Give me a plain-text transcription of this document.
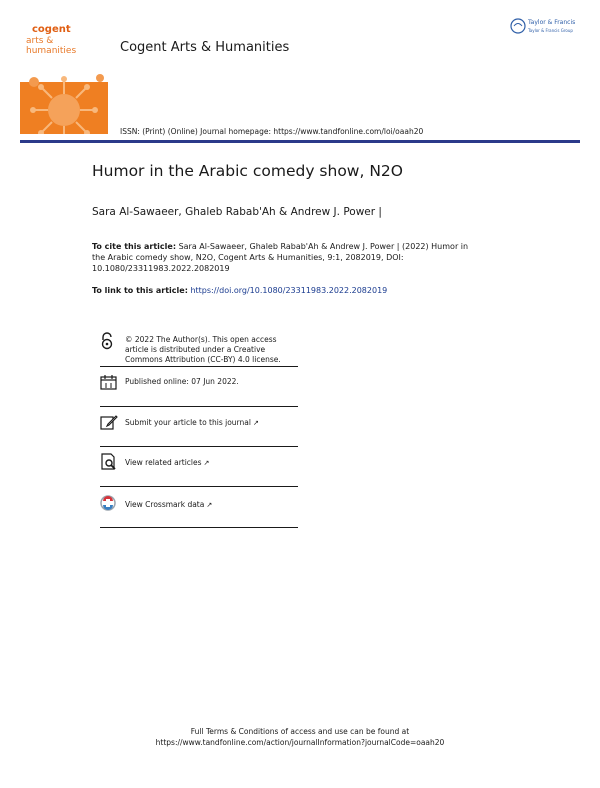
cogent
arts &
humanities	Cogent Arts & Humanities
Taylor & Francis
Taylor & Francis Group
ISSN: (Print) (Online) Journal homepage: https://www.tandfonline.com/loi/oaah20
Humor in the Arabic comedy show, N2O
Sara Al-Sawaeer, Ghaleb Rabab'Ah & Andrew J. Power |
To cite this article: Sara Al-Sawaeer, Ghaleb Rabab'Ah & Andrew J. Power | (2022) Humor in the Arabic comedy show, N2O, Cogent Arts & Humanities, 9:1, 2082019, DOI: 10.1080/23311983.2022.2082019
To link to this article: https://doi.org/10.1080/23311983.2022.2082019
© 2022 The Author(s). This open access article is distributed under a Creative Commons Attribution (CC-BY) 4.0 license.
Published online: 07 Jun 2022.
Submit your article to this journal ↗
View related articles ↗
View Crossmark data ↗
Full Terms & Conditions of access and use can be found at
https://www.tandfonline.com/action/journalInformation?journalCode=oaah20
